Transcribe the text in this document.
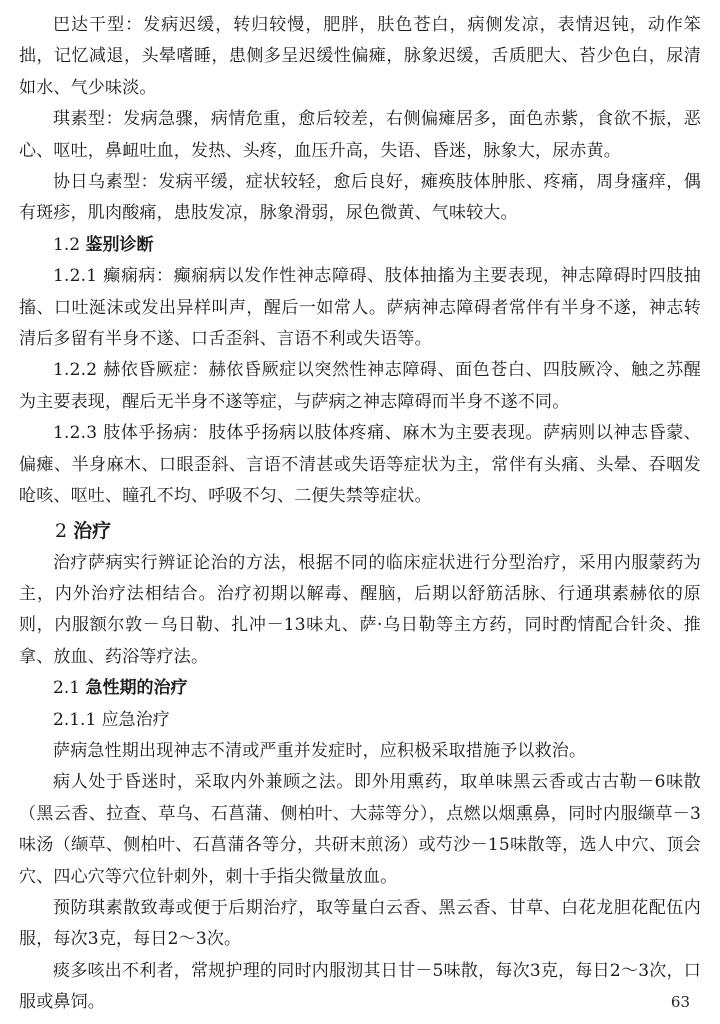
巴达干型：发病迟缓，转归较慢，肥胖，肤色苍白，病侧发凉，表情迟钝，动作笨拙，记忆减退，头晕嗜睡，患侧多呈迟缓性偏瘫，脉象迟缓，舌质肥大、苔少色白，尿清如水、气少味淡。

琪素型：发病急骤，病情危重，愈后较差，右侧偏瘫居多，面色赤紫，食欲不振，恶心、呕吐，鼻衄吐血，发热、头疼，血压升高，失语、昏迷，脉象大，尿赤黄。

协日乌素型：发病平缓，症状较轻，愈后良好，瘫痪肢体肿胀、疼痛，周身瘙痒，偶有斑疹，肌肉酸痛，患肢发凉，脉象滑弱，尿色微黄、气味较大。

1.2 鉴别诊断

1.2.1 癫痫病：癫痫病以发作性神志障碍、肢体抽搐为主要表现，神志障碍时四肢抽搐、口吐涎沫或发出异样叫声，醒后一如常人。萨病神志障碍者常伴有半身不遂，神志转清后多留有半身不遂、口舌歪斜、言语不利或失语等。

1.2.2 赫依昏厥症：赫依昏厥症以突然性神志障碍、面色苍白、四肢厥冷、触之苏醒为主要表现，醒后无半身不遂等症，与萨病之神志障碍而半身不遂不同。

1.2.3 肢体乎扬病：肢体乎扬病以肢体疼痛、麻木为主要表现。萨病则以神志昏蒙、偏瘫、半身麻木、口眼歪斜、言语不清甚或失语等症状为主，常伴有头痛、头晕、吞咽发呛咳、呕吐、瞳孔不均、呼吸不匀、二便失禁等症状。

2 治疗

治疗萨病实行辨证论治的方法，根据不同的临床症状进行分型治疗，采用内服蒙药为主，内外治疗法相结合。治疗初期以解毒、醒脑，后期以舒筋活脉、行通琪素赫依的原则，内服额尔敦－乌日勒、扎冲－13味丸、萨·乌日勒等主方药，同时酌情配合针灸、推拿、放血、药浴等疗法。

2.1 急性期的治疗
2.1.1 应急治疗

萨病急性期出现神志不清或严重并发症时，应积极采取措施予以救治。

病人处于昏迷时，采取内外兼顾之法。即外用熏药，取单味黑云香或古古勒－6味散（黑云香、拉查、草乌、石菖蒲、侧柏叶、大蒜等分），点燃以烟熏鼻，同时内服缬草－3味汤（缬草、侧柏叶、石菖蒲各等分，共研末煎汤）或芍沙－15味散等，选人中穴、顶会穴、四心穴等穴位针刺外，刺十手指尖微量放血。

预防琪素散致毒或便于后期治疗，取等量白云香、黑云香、甘草、白花龙胆花配伍内服，每次3克，每日2～3次。

痰多咳出不利者，常规护理的同时内服沏其日甘－5味散，每次3克，每日2～3次，口服或鼻饲。	63
